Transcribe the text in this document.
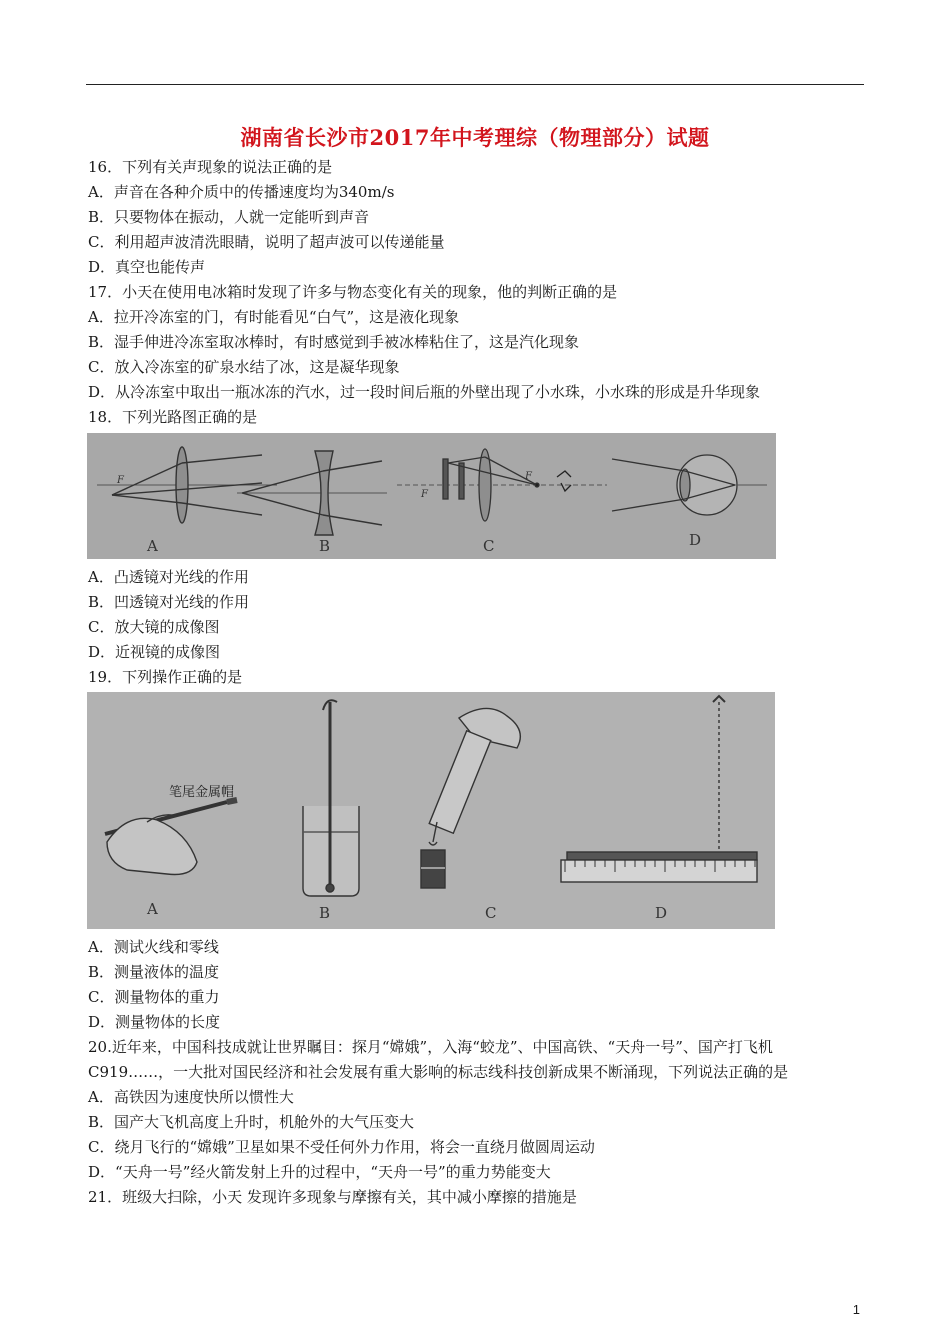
湖南省长沙市2017年中考理综（物理部分）试题
16．下列有关声现象的说法正确的是
A．声音在各种介质中的传播速度均为340m/s
B．只要物体在振动，人就一定能听到声音
C．利用超声波清洗眼睛，说明了超声波可以传递能量
D．真空也能传声
17．小天在使用电冰箱时发现了许多与物态变化有关的现象，他的判断正确的是
A．拉开冷冻室的门，有时能看见“白气”，这是液化现象
B．湿手伸进冷冻室取冰棒时，有时感觉到手被冰棒粘住了，这是汽化现象
C．放入冷冻室的矿泉水结了冰，这是凝华现象
D．从冷冻室中取出一瓶冰冻的汽水，过一段时间后瓶的外壁出现了小水珠，小水珠的形成是升华现象
18．下列光路图正确的是
F
F
F
A	B	C	D
A．凸透镜对光线的作用
B．凹透镜对光线的作用
C．放大镜的成像图
D．近视镜的成像图
19．下列操作正确的是
笔尾金属帽
A	B	C	D
A．测试火线和零线
B．测量液体的温度
C．测量物体的重力
D．测量物体的长度
20.近年来，中国科技成就让世界瞩目：探月“嫦娥”，入海“蛟龙”、中国高铁、“天舟一号”、国产打飞机
C919……，一大批对国民经济和社会发展有重大影响的标志线科技创新成果不断涌现，下列说法正确的是
A．高铁因为速度快所以惯性大
B．国产大飞机高度上升时，机舱外的大气压变大
C．绕月飞行的“嫦娥”卫星如果不受任何外力作用，将会一直绕月做圆周运动
D．“天舟一号”经火箭发射上升的过程中，“天舟一号”的重力势能变大
21．班级大扫除，小天 发现许多现象与摩擦有关，其中减小摩擦的措施是
1
